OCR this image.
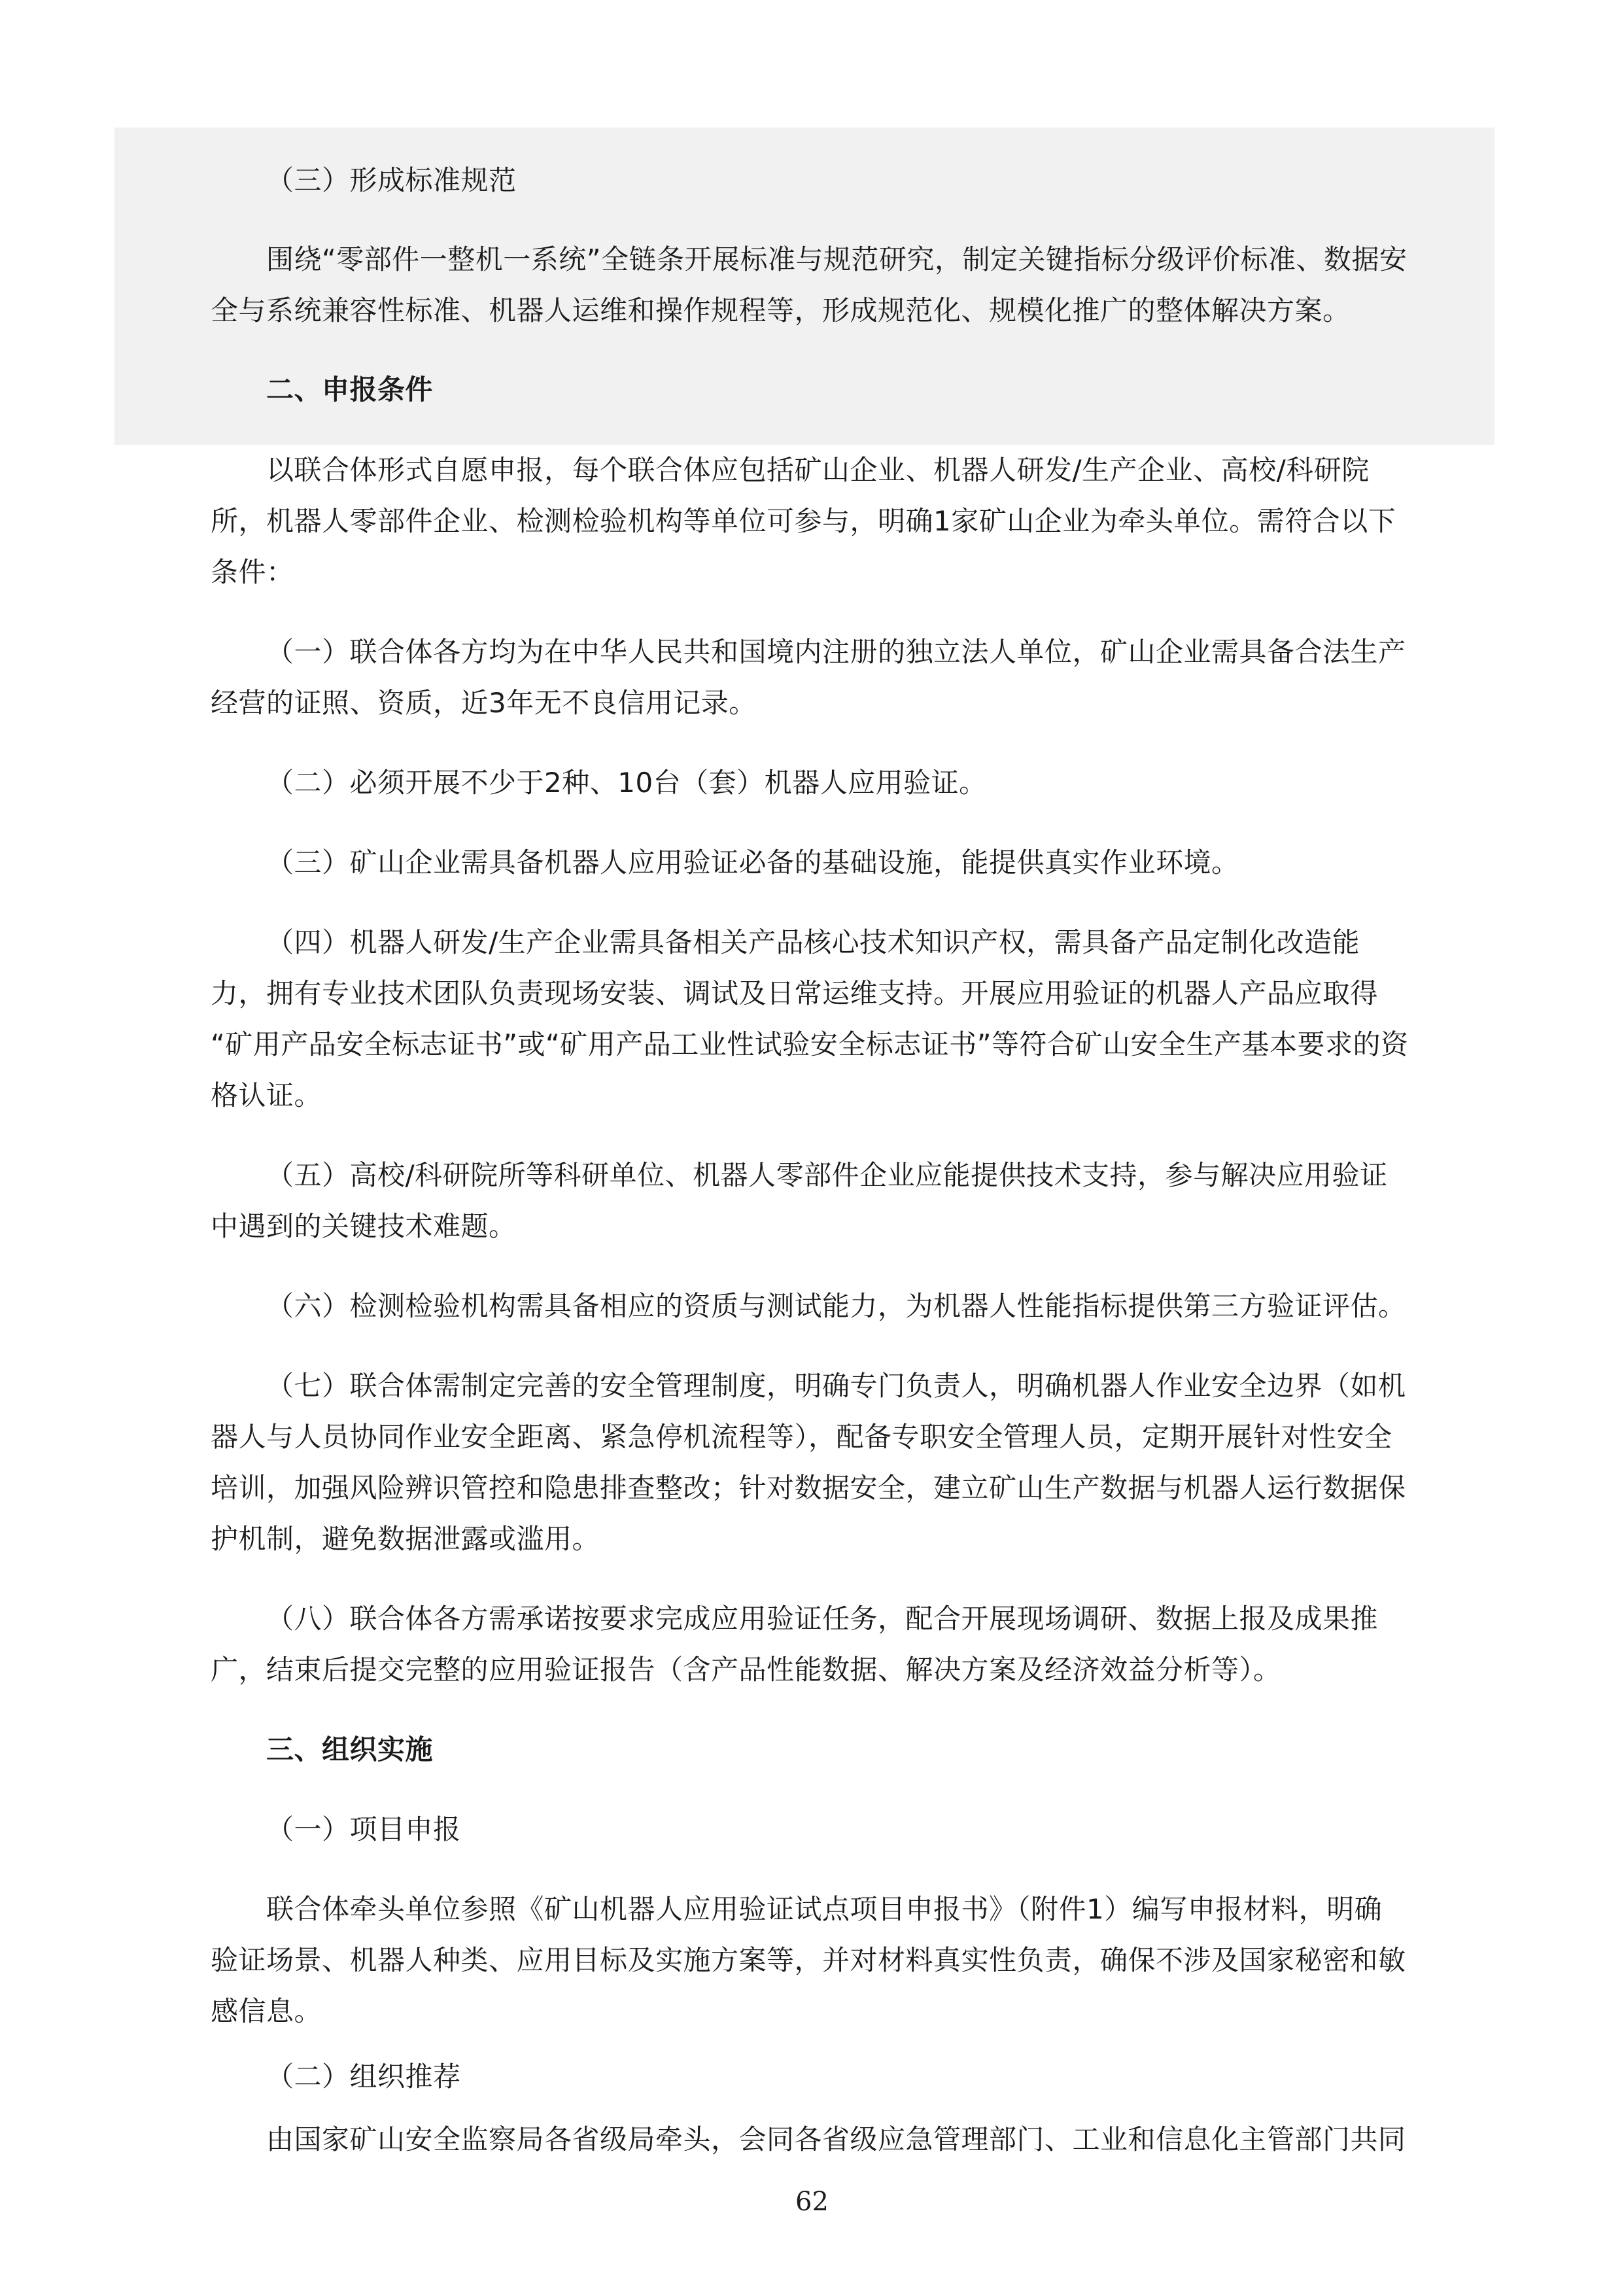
（三）形成标准规范
围绕“零部件一整机一系统”全链条开展标准与规范研究，制定关键指标分级评价标准、数据安
全与系统兼容性标准、机器人运维和操作规程等，形成规范化、规模化推广的整体解决方案。
二、申报条件
以联合体形式自愿申报，每个联合体应包括矿山企业、机器人研发/生产企业、高校/科研院
所，机器人零部件企业、检测检验机构等单位可参与，明确1家矿山企业为牵头单位。需符合以下
条件：
（一）联合体各方均为在中华人民共和国境内注册的独立法人单位，矿山企业需具备合法生产
经营的证照、资质，近3年无不良信用记录。
（二）必须开展不少于2种、10台（套）机器人应用验证。
（三）矿山企业需具备机器人应用验证必备的基础设施，能提供真实作业环境。
（四）机器人研发/生产企业需具备相关产品核心技术知识产权，需具备产品定制化改造能
力，拥有专业技术团队负责现场安装、调试及日常运维支持。开展应用验证的机器人产品应取得
“矿用产品安全标志证书”或“矿用产品工业性试验安全标志证书”等符合矿山安全生产基本要求的资
格认证。
（五）高校/科研院所等科研单位、机器人零部件企业应能提供技术支持，参与解决应用验证
中遇到的关键技术难题。
（六）检测检验机构需具备相应的资质与测试能力，为机器人性能指标提供第三方验证评估。
（七）联合体需制定完善的安全管理制度，明确专门负责人，明确机器人作业安全边界（如机
器人与人员协同作业安全距离、紧急停机流程等），配备专职安全管理人员，定期开展针对性安全
培训，加强风险辨识管控和隐患排查整改；针对数据安全，建立矿山生产数据与机器人运行数据保
护机制，避免数据泄露或滥用。
（八）联合体各方需承诺按要求完成应用验证任务，配合开展现场调研、数据上报及成果推
广，结束后提交完整的应用验证报告（含产品性能数据、解决方案及经济效益分析等）。
三、组织实施
（一）项目申报
联合体牵头单位参照《矿山机器人应用验证试点项目申报书》（附件1）编写申报材料，明确
验证场景、机器人种类、应用目标及实施方案等，并对材料真实性负责，确保不涉及国家秘密和敏
感信息。
（二）组织推荐
由国家矿山安全监察局各省级局牵头，会同各省级应急管理部门、工业和信息化主管部门共同
62
